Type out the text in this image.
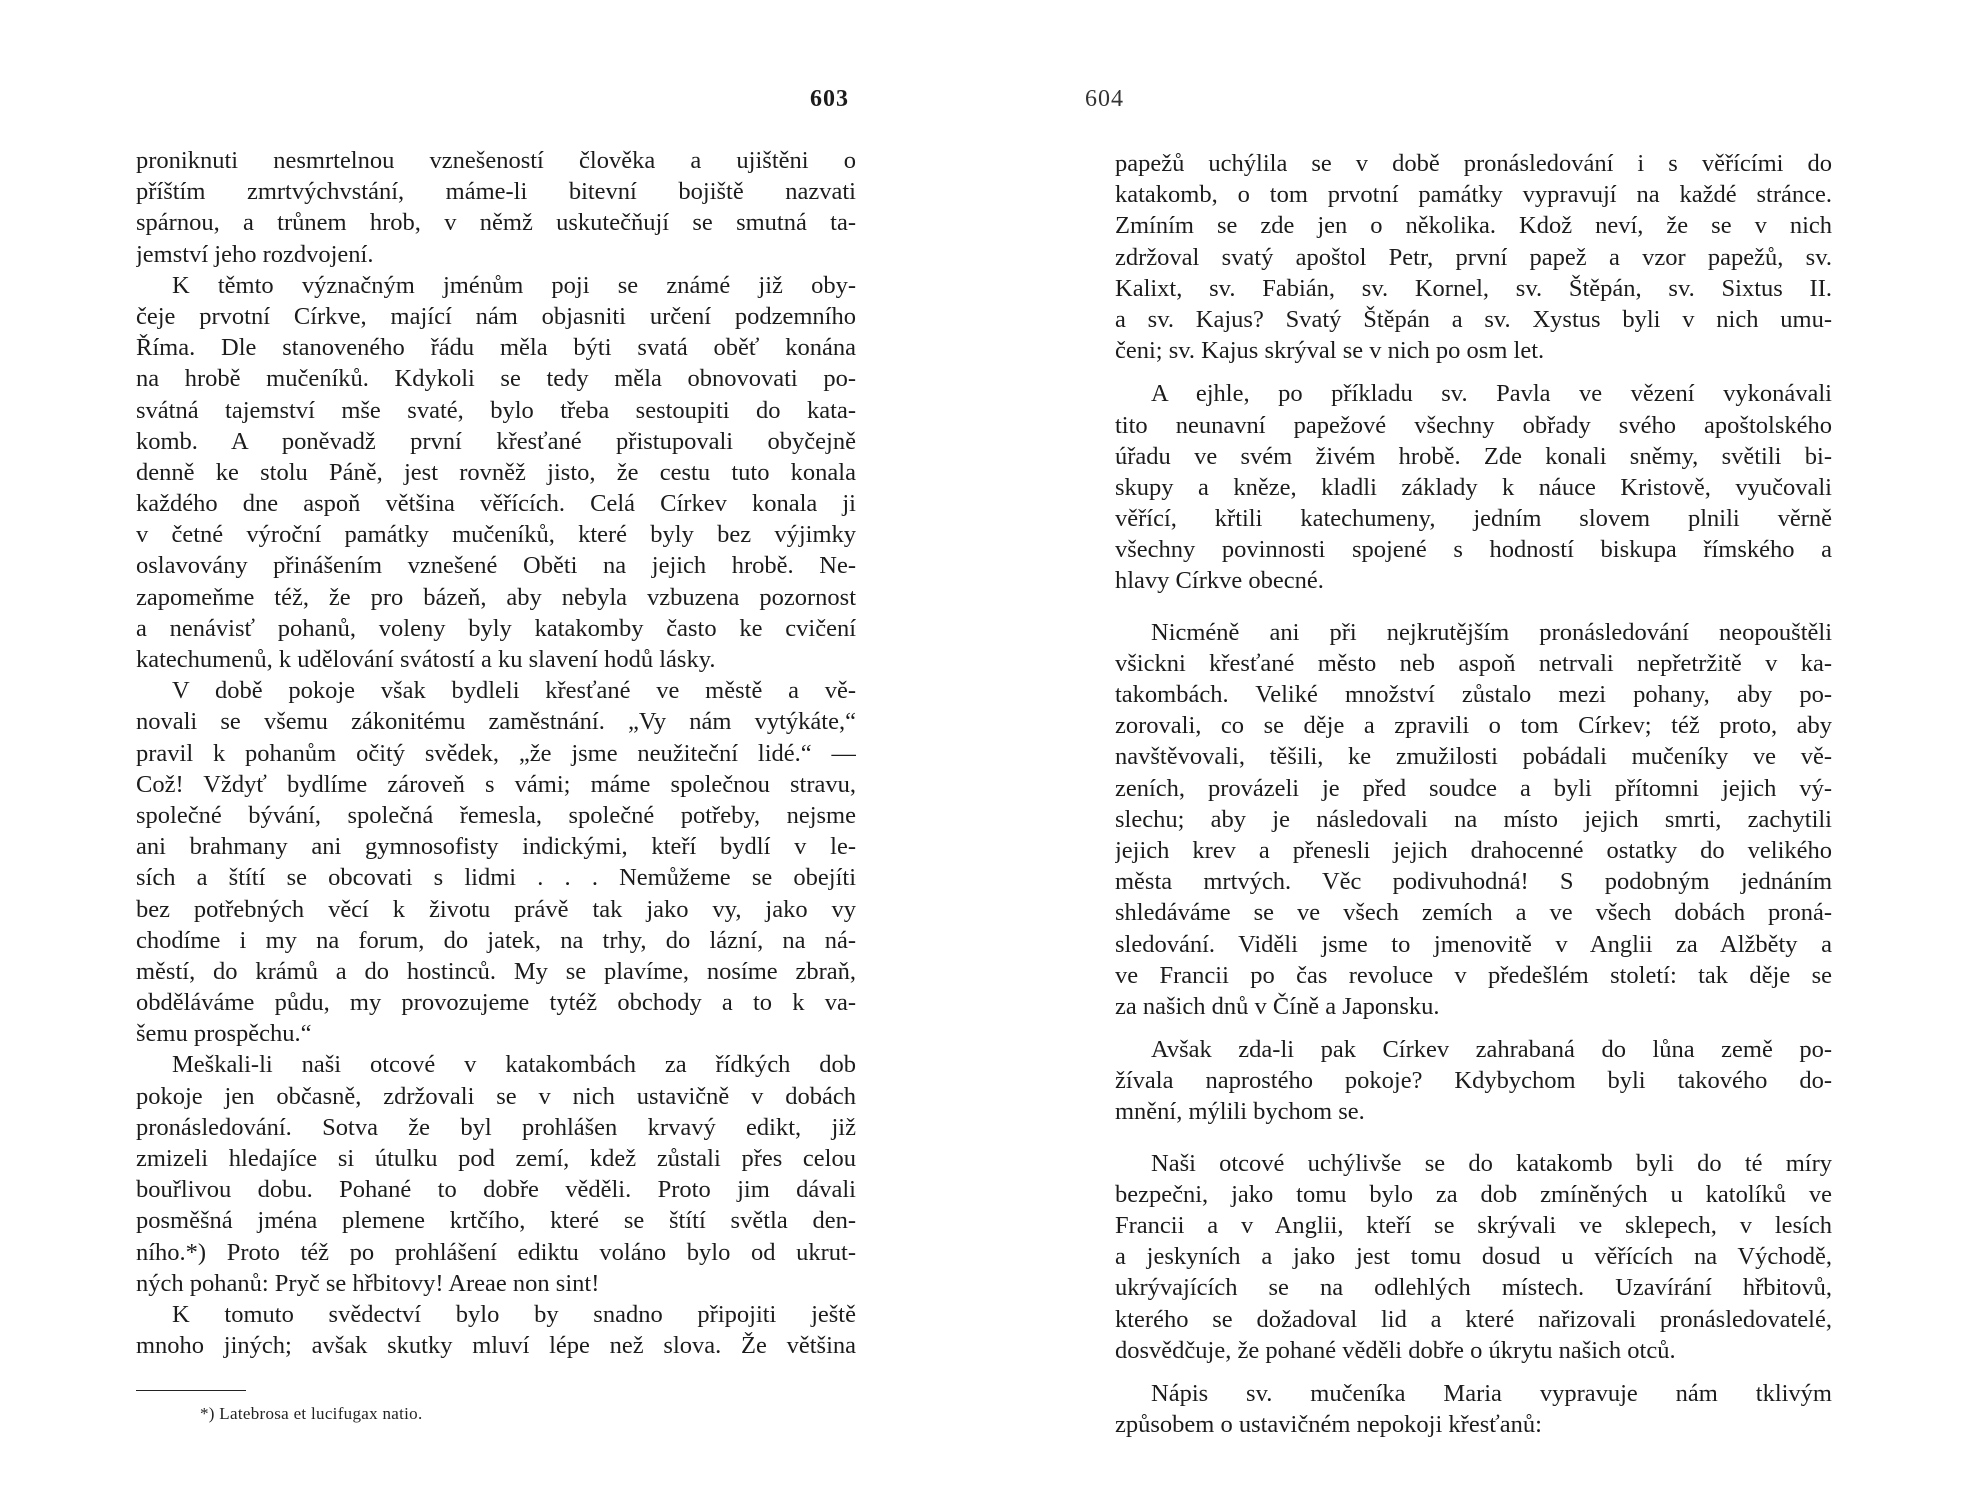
603
proniknuti nesmrtelnou vznešeností člověka a ujištěni o
příštím zmrtvýchvstání, máme-li bitevní bojiště nazvati
spárnou, a trůnem hrob, v němž uskutečňují se smutná ta-
jemství jeho rozdvojení.
K těmto význačným jménům poji se známé již oby-
čeje prvotní Církve, mající nám objasniti určení podzemního
Říma. Dle stanoveného řádu měla býti svatá oběť konána
na hrobě mučeníků. Kdykoli se tedy měla obnovovati po-
svátná tajemství mše svaté, bylo třeba sestoupiti do kata-
komb. A poněvadž první křesťané přistupovali obyčejně
denně ke stolu Páně, jest rovněž jisto, že cestu tuto konala
každého dne aspoň většina věřících. Celá Církev konala ji
v četné výroční památky mučeníků, které byly bez výjimky
oslavovány přinášením vznešené Oběti na jejich hrobě. Ne-
zapomeňme též, že pro bázeň, aby nebyla vzbuzena pozornost
a nenávisť pohanů, voleny byly katakomby často ke cvičení
katechumenů, k udělování svátostí a ku slavení hodů lásky.
V době pokoje však bydleli křesťané ve městě a vě-
novali se všemu zákonitému zaměstnání. „Vy nám vytýkáte,“
pravil k pohanům očitý svědek, „že jsme neužiteční lidé.“ —
Což! Vždyť bydlíme zároveň s vámi; máme společnou stravu,
společné bývání, společná řemesla, společné potřeby, nejsme
ani brahmany ani gymnosofisty indickými, kteří bydlí v le-
sích a štítí se obcovati s lidmi . . . Nemůžeme se obejíti
bez potřebných věcí k životu právě tak jako vy, jako vy
chodíme i my na forum, do jatek, na trhy, do lázní, na ná-
městí, do krámů a do hostinců. My se plavíme, nosíme zbraň,
obděláváme půdu, my provozujeme tytéž obchody a to k va-
šemu prospěchu.“
Meškali-li naši otcové v katakombách za řídkých dob
pokoje jen občasně, zdržovali se v nich ustavičně v dobách
pronásledování. Sotva že byl prohlášen krvavý edikt, již
zmizeli hledajíce si útulku pod zemí, kdež zůstali přes celou
bouřlivou dobu. Pohané to dobře věděli. Proto jim dávali
posměšná jména plemene krtčího, které se štítí světla den-
ního.*) Proto též po prohlášení ediktu voláno bylo od ukrut-
ných pohanů: Pryč se hřbitovy! Areae non sint!
K tomuto svědectví bylo by snadno připojiti ještě
mnoho jiných; avšak skutky mluví lépe než slova. Že většina
*) Latebrosa et lucifugax natio.
604
papežů uchýlila se v době pronásledování i s věřícími do
katakomb, o tom prvotní památky vypravují na každé stránce.
Zmíním se zde jen o několika. Kdož neví, že se v nich
zdržoval svatý apoštol Petr, první papež a vzor papežů, sv.
Kalixt, sv. Fabián, sv. Kornel, sv. Štěpán, sv. Sixtus II.
a sv. Kajus? Svatý Štěpán a sv. Xystus byli v nich umu-
čeni; sv. Kajus skrýval se v nich po osm let.
A ejhle, po příkladu sv. Pavla ve vězení vykonávali
tito neunavní papežové všechny obřady svého apoštolského
úřadu ve svém živém hrobě. Zde konali sněmy, světili bi-
skupy a kněze, kladli základy k náuce Kristově, vyučovali
věřící, křtili katechumeny, jedním slovem plnili věrně
všechny povinnosti spojené s hodností biskupa římského a
hlavy Církve obecné.
Nicméně ani při nejkrutějším pronásledování neopouštěli
všickni křesťané město neb aspoň netrvali nepřetržitě v ka-
takombách. Veliké množství zůstalo mezi pohany, aby po-
zorovali, co se děje a zpravili o tom Církev; též proto, aby
navštěvovali, těšili, ke zmužilosti pobádali mučeníky ve vě-
zeních, provázeli je před soudce a byli přítomni jejich vý-
slechu; aby je následovali na místo jejich smrti, zachytili
jejich krev a přenesli jejich drahocenné ostatky do velikého
města mrtvých. Věc podivuhodná! S podobným jednáním
shledáváme se ve všech zemích a ve všech dobách proná-
sledování. Viděli jsme to jmenovitě v Anglii za Alžběty a
ve Francii po čas revoluce v předešlém století: tak děje se
za našich dnů v Číně a Japonsku.
Avšak zda-li pak Církev zahrabaná do lůna země po-
žívala naprostého pokoje? Kdybychom byli takového do-
mnění, mýlili bychom se.
Naši otcové uchýlivše se do katakomb byli do té míry
bezpečni, jako tomu bylo za dob zmíněných u katolíků ve
Francii a v Anglii, kteří se skrývali ve sklepech, v lesích
a jeskyních a jako jest tomu dosud u věřících na Východě,
ukrývajících se na odlehlých místech. Uzavírání hřbitovů,
kterého se dožadoval lid a které nařizovali pronásledovatelé,
dosvědčuje, že pohané věděli dobře o úkrytu našich otců.
Nápis sv. mučeníka Maria vypravuje nám tklivým
způsobem o ustavičném nepokoji křesťanů:
